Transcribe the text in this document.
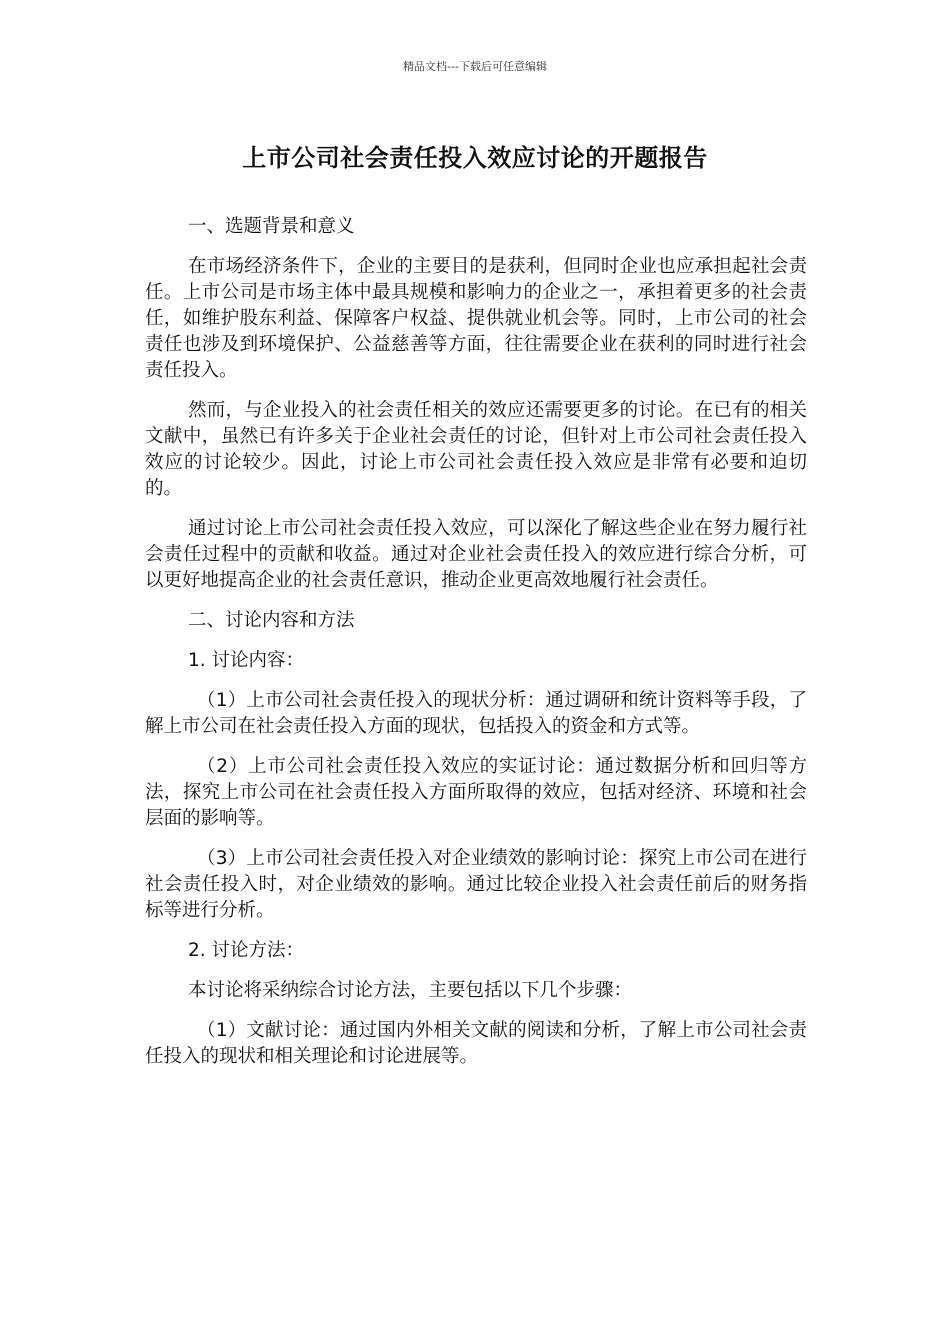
精品文档---下载后可任意编辑
上市公司社会责任投入效应讨论的开题报告

一、选题背景和意义

在市场经济条件下，企业的主要目的是获利，但同时企业也应承担起社会责任。上市公司是市场主体中最具规模和影响力的企业之一，承担着更多的社会责任，如维护股东利益、保障客户权益、提供就业机会等。同时，上市公司的社会责任也涉及到环境保护、公益慈善等方面，往往需要企业在获利的同时进行社会责任投入。

然而，与企业投入的社会责任相关的效应还需要更多的讨论。在已有的相关文献中，虽然已有许多关于企业社会责任的讨论，但针对上市公司社会责任投入效应的讨论较少。因此，讨论上市公司社会责任投入效应是非常有必要和迫切的。

通过讨论上市公司社会责任投入效应，可以深化了解这些企业在努力履行社会责任过程中的贡献和收益。通过对企业社会责任投入的效应进行综合分析，可以更好地提高企业的社会责任意识，推动企业更高效地履行社会责任。

二、讨论内容和方法

1. 讨论内容：

（1）上市公司社会责任投入的现状分析：通过调研和统计资料等手段，了解上市公司在社会责任投入方面的现状，包括投入的资金和方式等。

（2）上市公司社会责任投入效应的实证讨论：通过数据分析和回归等方法，探究上市公司在社会责任投入方面所取得的效应，包括对经济、环境和社会层面的影响等。

（3）上市公司社会责任投入对企业绩效的影响讨论：探究上市公司在进行社会责任投入时，对企业绩效的影响。通过比较企业投入社会责任前后的财务指标等进行分析。

2. 讨论方法：

本讨论将采纳综合讨论方法，主要包括以下几个步骤：

（1）文献讨论：通过国内外相关文献的阅读和分析，了解上市公司社会责任投入的现状和相关理论和讨论进展等。
